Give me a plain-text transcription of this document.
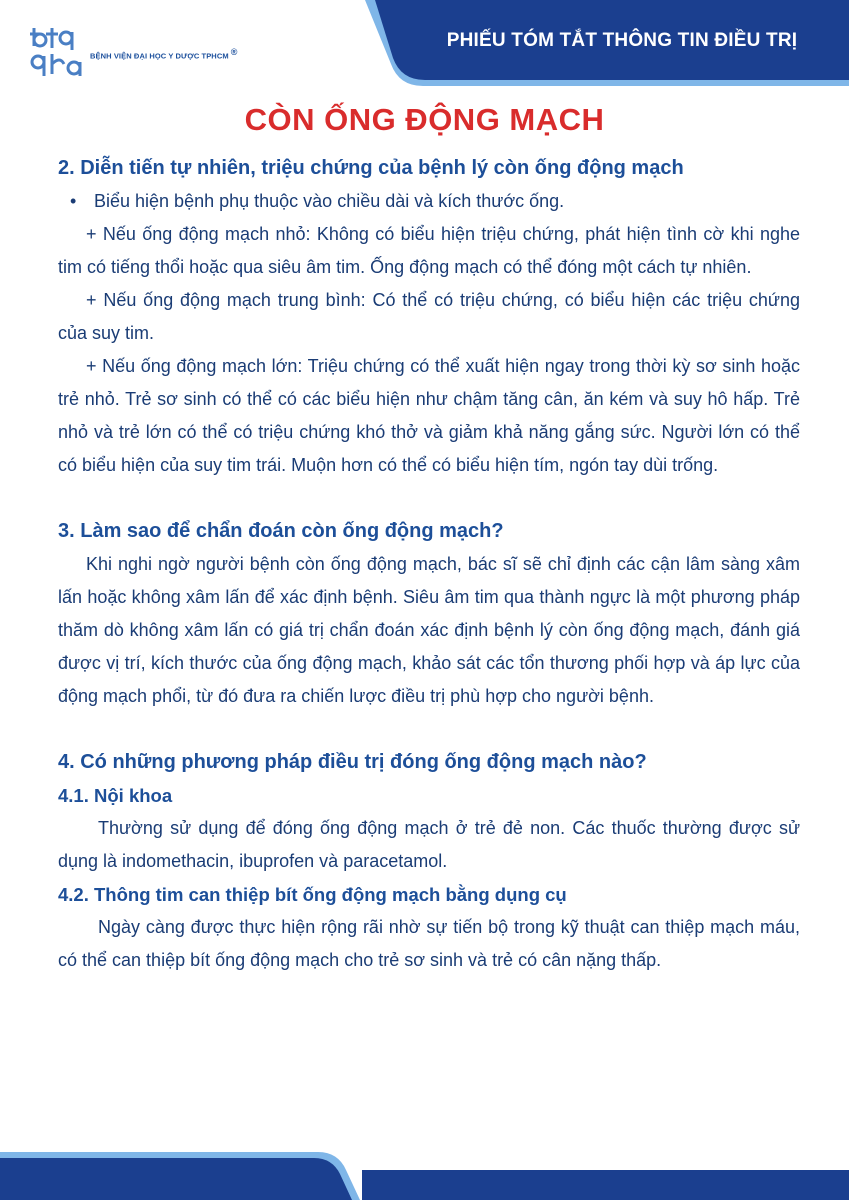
BỆNH VIỆN ĐẠI HỌC Y DƯỢC TPHCM ®
PHIẾU TÓM TẮT THÔNG TIN ĐIỀU TRỊ
CÒN ỐNG ĐỘNG MẠCH
2. Diễn tiến tự nhiên, triệu chứng của bệnh lý còn ống động mạch
• Biểu hiện bệnh phụ thuộc vào chiều dài và kích thước ống.
+ Nếu ống động mạch nhỏ: Không có biểu hiện triệu chứng, phát hiện tình cờ khi nghe tim có tiếng thổi hoặc qua siêu âm tim. Ống động mạch có thể đóng một cách tự nhiên.
+ Nếu ống động mạch trung bình: Có thể có triệu chứng, có biểu hiện các triệu chứng của suy tim.
+ Nếu ống động mạch lớn: Triệu chứng có thể xuất hiện ngay trong thời kỳ sơ sinh hoặc trẻ nhỏ. Trẻ sơ sinh có thể có các biểu hiện như chậm tăng cân, ăn kém và suy hô hấp. Trẻ nhỏ và trẻ lớn có thể có triệu chứng khó thở và giảm khả năng gắng sức. Người lớn có thể có biểu hiện của suy tim trái. Muộn hơn có thể có biểu hiện tím, ngón tay dùi trống.
3. Làm sao để chẩn đoán còn ống động mạch?
Khi nghi ngờ người bệnh còn ống động mạch, bác sĩ sẽ chỉ định các cận lâm sàng xâm lấn hoặc không xâm lấn để xác định bệnh. Siêu âm tim qua thành ngực là một phương pháp thăm dò không xâm lấn có giá trị chẩn đoán xác định bệnh lý còn ống động mạch, đánh giá được vị trí, kích thước của ống động mạch, khảo sát các tổn thương phối hợp và áp lực của động mạch phổi, từ đó đưa ra chiến lược điều trị phù hợp cho người bệnh.
4. Có những phương pháp điều trị đóng ống động mạch nào?
4.1. Nội khoa
Thường sử dụng để đóng ống động mạch ở trẻ đẻ non. Các thuốc thường được sử dụng là indomethacin, ibuprofen và paracetamol.
4.2. Thông tim can thiệp bít ống động mạch bằng dụng cụ
Ngày càng được thực hiện rộng rãi nhờ sự tiến bộ trong kỹ thuật can thiệp mạch máu, có thể can thiệp bít ống động mạch cho trẻ sơ sinh và trẻ có cân nặng thấp.
